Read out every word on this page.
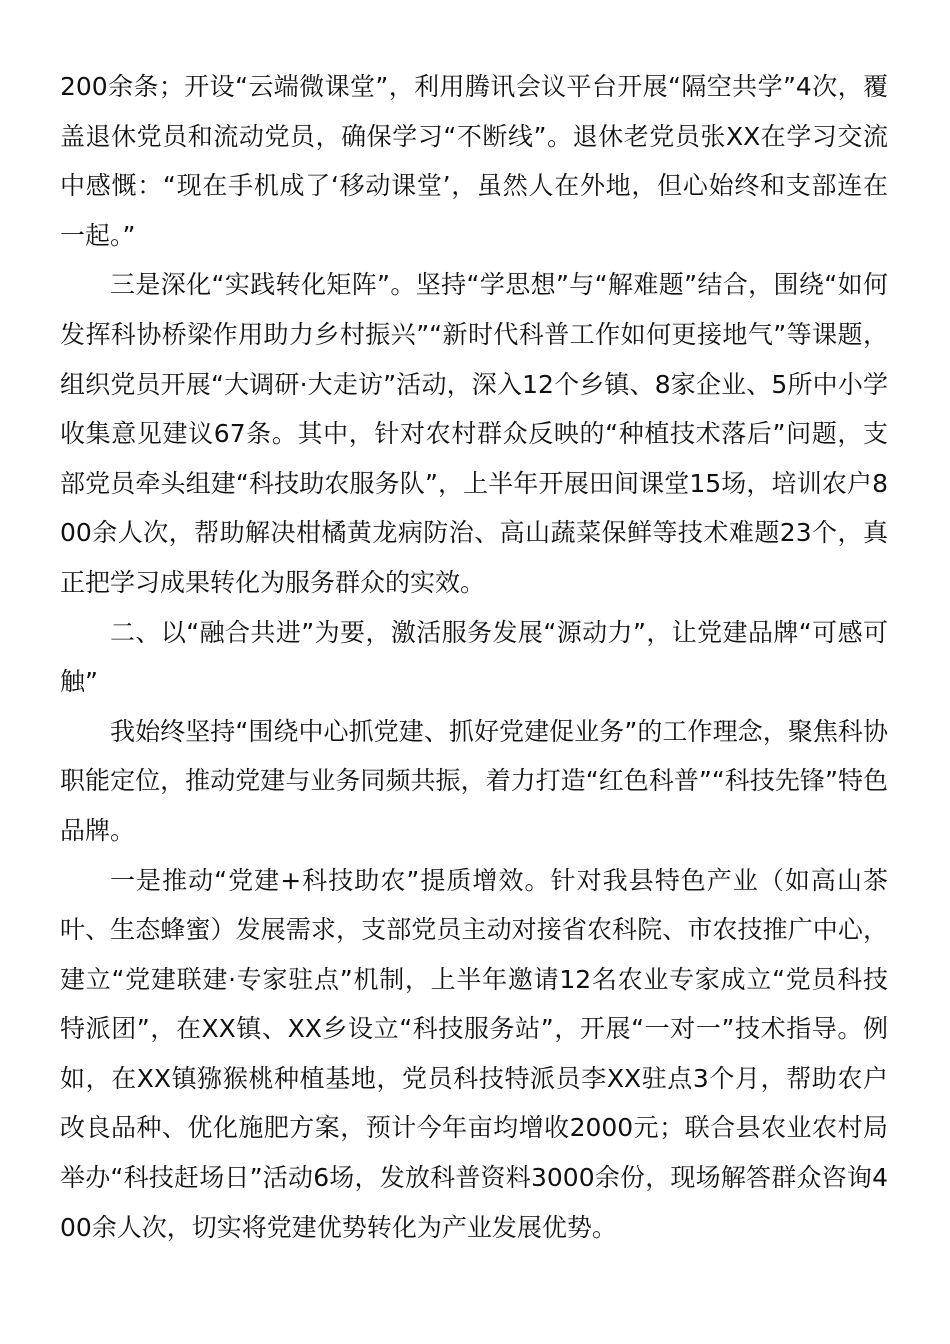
200余条；开设“云端微课堂”，利用腾讯会议平台开展“隔空共学”4次，覆盖退休党员和流动党员，确保学习“不断线”。退休老党员张XX在学习交流中感慨：“现在手机成了‘移动课堂’，虽然人在外地，但心始终和支部连在一起。”

三是深化“实践转化矩阵”。坚持“学思想”与“解难题”结合，围绕“如何发挥科协桥梁作用助力乡村振兴”“新时代科普工作如何更接地气”等课题，组织党员开展“大调研·大走访”活动，深入12个乡镇、8家企业、5所中小学收集意见建议67条。其中，针对农村群众反映的“种植技术落后”问题，支部党员牵头组建“科技助农服务队”，上半年开展田间课堂15场，培训农户800余人次，帮助解决柑橘黄龙病防治、高山蔬菜保鲜等技术难题23个，真正把学习成果转化为服务群众的实效。

二、以“融合共进”为要，激活服务发展“源动力”，让党建品牌“可感可触”

我始终坚持“围绕中心抓党建、抓好党建促业务”的工作理念，聚焦科协职能定位，推动党建与业务同频共振，着力打造“红色科普”“科技先锋”特色品牌。

一是推动“党建+科技助农”提质增效。针对我县特色产业（如高山茶叶、生态蜂蜜）发展需求，支部党员主动对接省农科院、市农技推广中心，建立“党建联建·专家驻点”机制，上半年邀请12名农业专家成立“党员科技特派团”，在XX镇、XX乡设立“科技服务站”，开展“一对一”技术指导。例如，在XX镇猕猴桃种植基地，党员科技特派员李XX驻点3个月，帮助农户改良品种、优化施肥方案，预计今年亩均增收2000元；联合县农业农村局举办“科技赶场日”活动6场，发放科普资料3000余份，现场解答群众咨询400余人次，切实将党建优势转化为产业发展优势。
